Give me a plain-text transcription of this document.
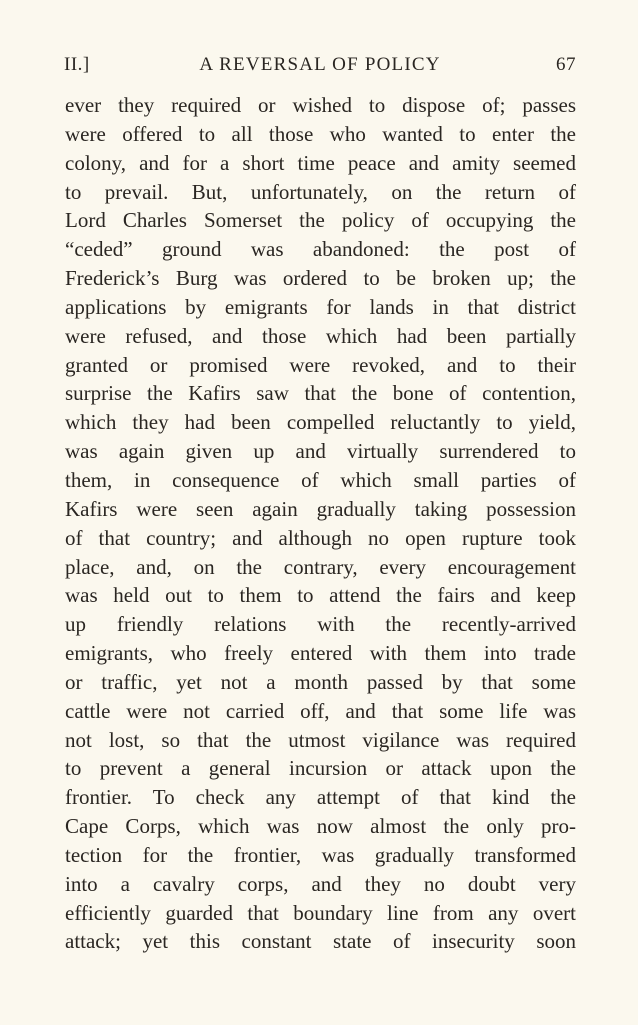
II.]	A REVERSAL OF POLICY	67
ever they required or wished to dispose of; passes
were offered to all those who wanted to enter the
colony, and for a short time peace and amity seemed
to prevail. But, unfortunately, on the return of
Lord Charles Somerset the policy of occupying the
“ceded” ground was abandoned: the post of
Frederick’s Burg was ordered to be broken up; the
applications by emigrants for lands in that district
were refused, and those which had been partially
granted or promised were revoked, and to their
surprise the Kafirs saw that the bone of contention,
which they had been compelled reluctantly to yield,
was again given up and virtually surrendered to
them, in consequence of which small parties of
Kafirs were seen again gradually taking possession
of that country; and although no open rupture took
place, and, on the contrary, every encouragement
was held out to them to attend the fairs and keep
up friendly relations with the recently-arrived
emigrants, who freely entered with them into trade
or traffic, yet not a month passed by that some
cattle were not carried off, and that some life was
not lost, so that the utmost vigilance was required
to prevent a general incursion or attack upon the
frontier. To check any attempt of that kind the
Cape Corps, which was now almost the only pro-
tection for the frontier, was gradually transformed
into a cavalry corps, and they no doubt very
efficiently guarded that boundary line from any overt
attack; yet this constant state of insecurity soon
